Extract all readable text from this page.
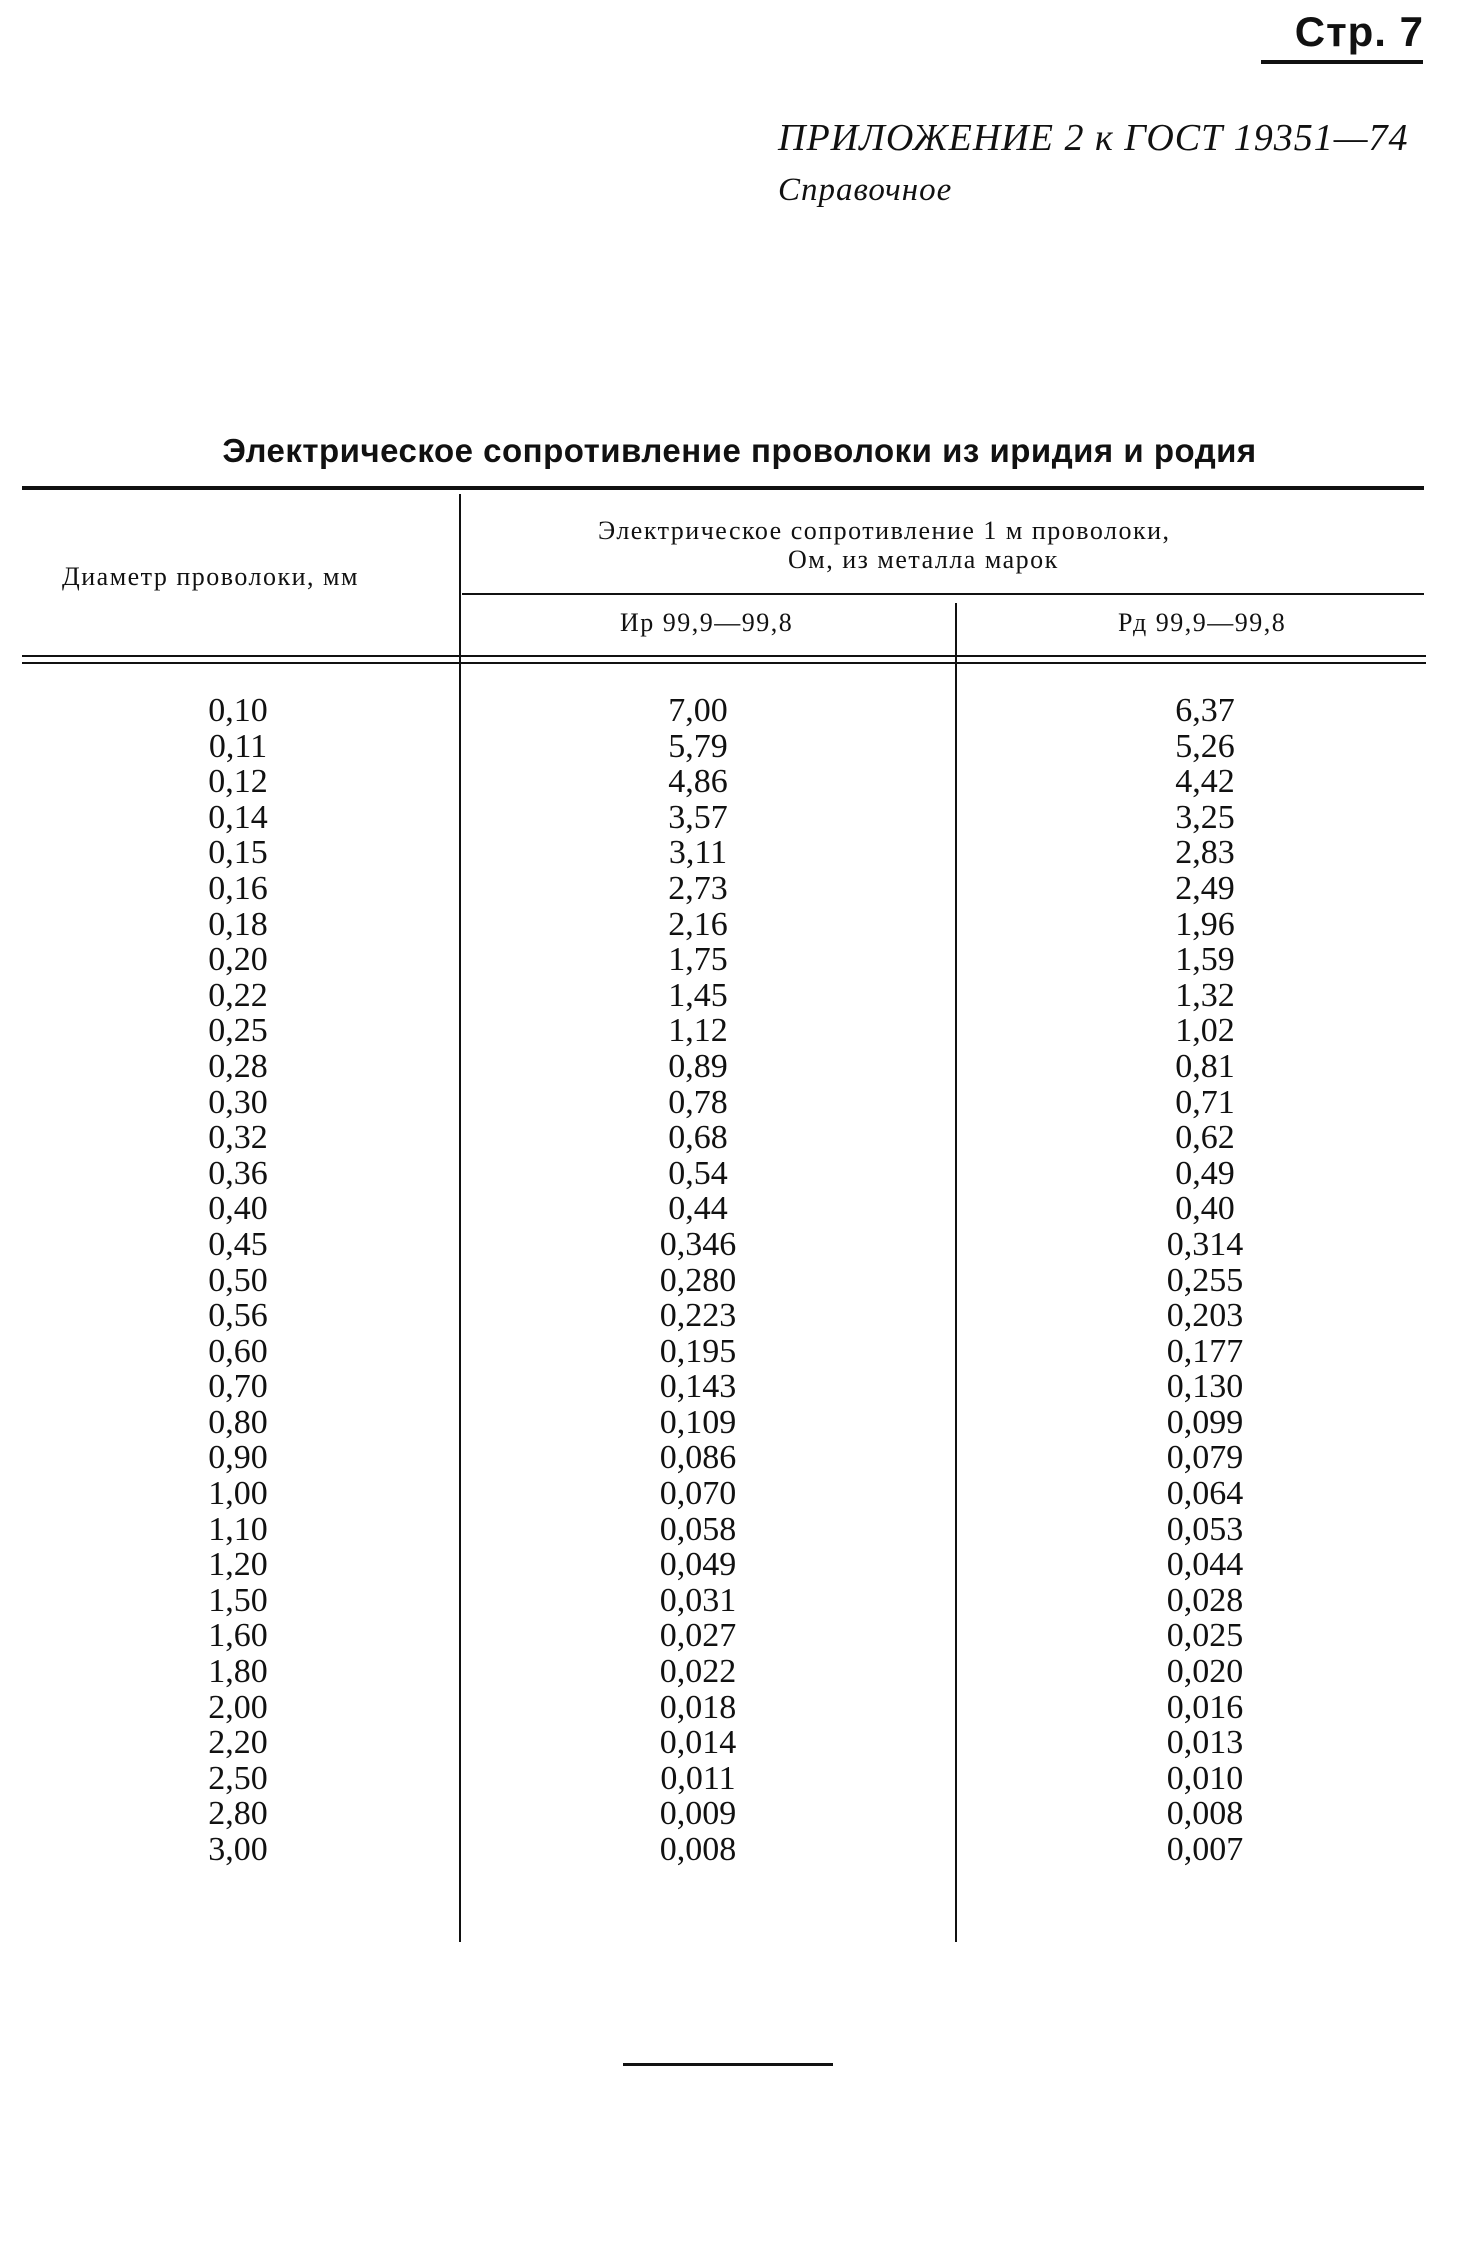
Стр. 7
ПРИЛОЖЕНИЕ 2 к ГОСТ 19351—74
Справочное
Электрическое сопротивление проволоки из иридия и родия
Диаметр проволоки, мм
Электрическое сопротивление 1 м проволоки,
Ом, из металла марок
Ир 99,9—99,8	Рд 99,9—99,8
0,10
0,11
0,12
0,14
0,15
0,16
0,18
0,20
0,22
0,25
0,28
0,30
0,32
0,36
0,40
0,45
0,50
0,56
0,60
0,70
0,80
0,90
1,00
1,10
1,20
1,50
1,60
1,80
2,00
2,20
2,50
2,80
3,00
7,00
5,79
4,86
3,57
3,11
2,73
2,16
1,75
1,45
1,12
0,89
0,78
0,68
0,54
0,44
0,346
0,280
0,223
0,195
0,143
0,109
0,086
0,070
0,058
0,049
0,031
0,027
0,022
0,018
0,014
0,011
0,009
0,008
6,37
5,26
4,42
3,25
2,83
2,49
1,96
1,59
1,32
1,02
0,81
0,71
0,62
0,49
0,40
0,314
0,255
0,203
0,177
0,130
0,099
0,079
0,064
0,053
0,044
0,028
0,025
0,020
0,016
0,013
0,010
0,008
0,007
